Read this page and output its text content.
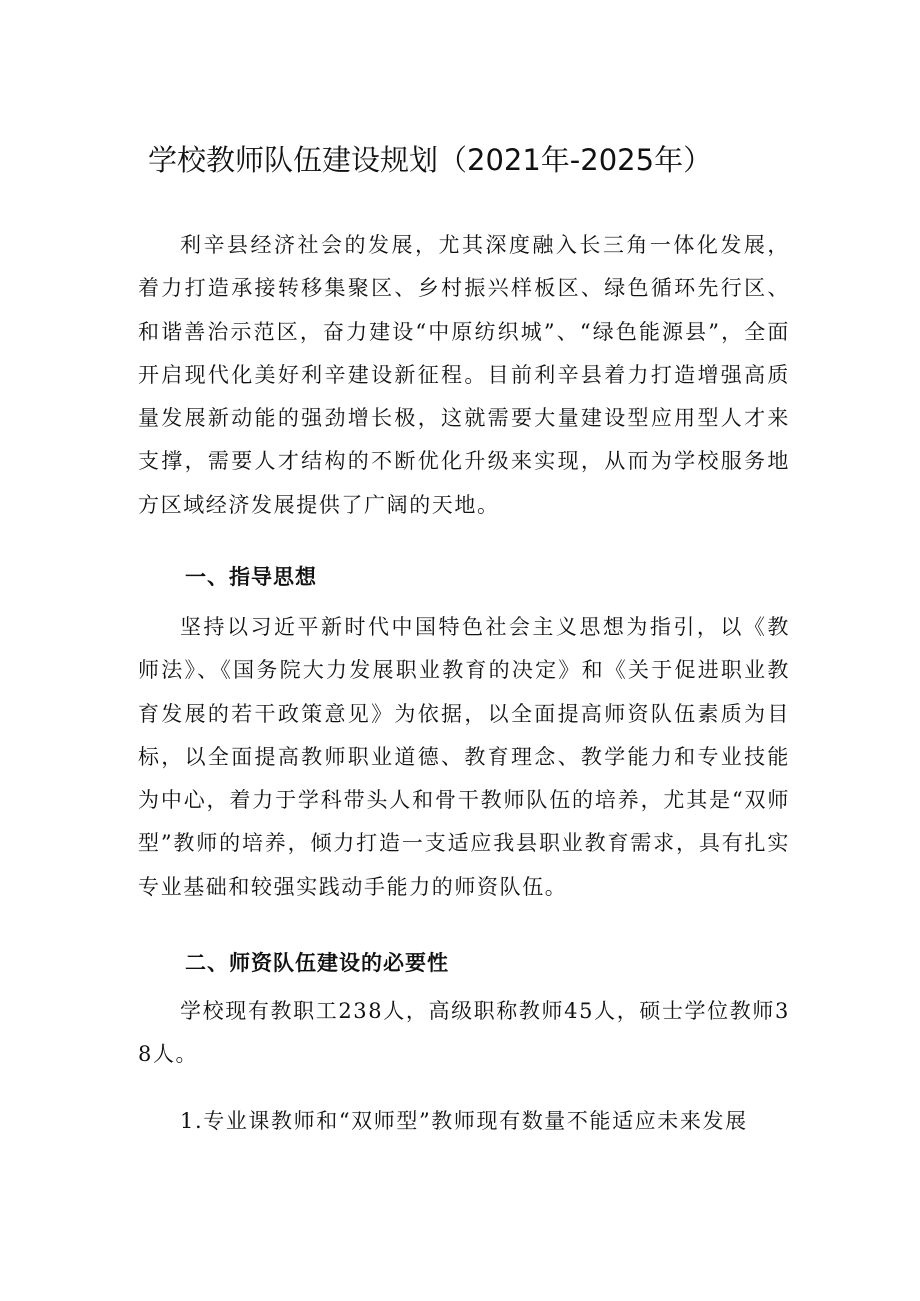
学校教师队伍建设规划（2021年-2025年）

利辛县经济社会的发展，尤其深度融入长三角一体化发展，着力打造承接转移集聚区、乡村振兴样板区、绿色循环先行区、和谐善治示范区，奋力建设“中原纺织城”、“绿色能源县”，全面开启现代化美好利辛建设新征程。目前利辛县着力打造增强高质量发展新动能的强劲增长极，这就需要大量建设型应用型人才来支撑，需要人才结构的不断优化升级来实现，从而为学校服务地方区域经济发展提供了广阔的天地。

一、指导思想

坚持以习近平新时代中国特色社会主义思想为指引，以《教师法》、《国务院大力发展职业教育的决定》和《关于促进职业教育发展的若干政策意见》为依据，以全面提高师资队伍素质为目标，以全面提高教师职业道德、教育理念、教学能力和专业技能为中心，着力于学科带头人和骨干教师队伍的培养，尤其是“双师型”教师的培养，倾力打造一支适应我县职业教育需求，具有扎实专业基础和较强实践动手能力的师资队伍。

二、师资队伍建设的必要性

学校现有教职工238人，高级职称教师45人，硕士学位教师38人。

1.专业课教师和“双师型”教师现有数量不能适应未来发展
